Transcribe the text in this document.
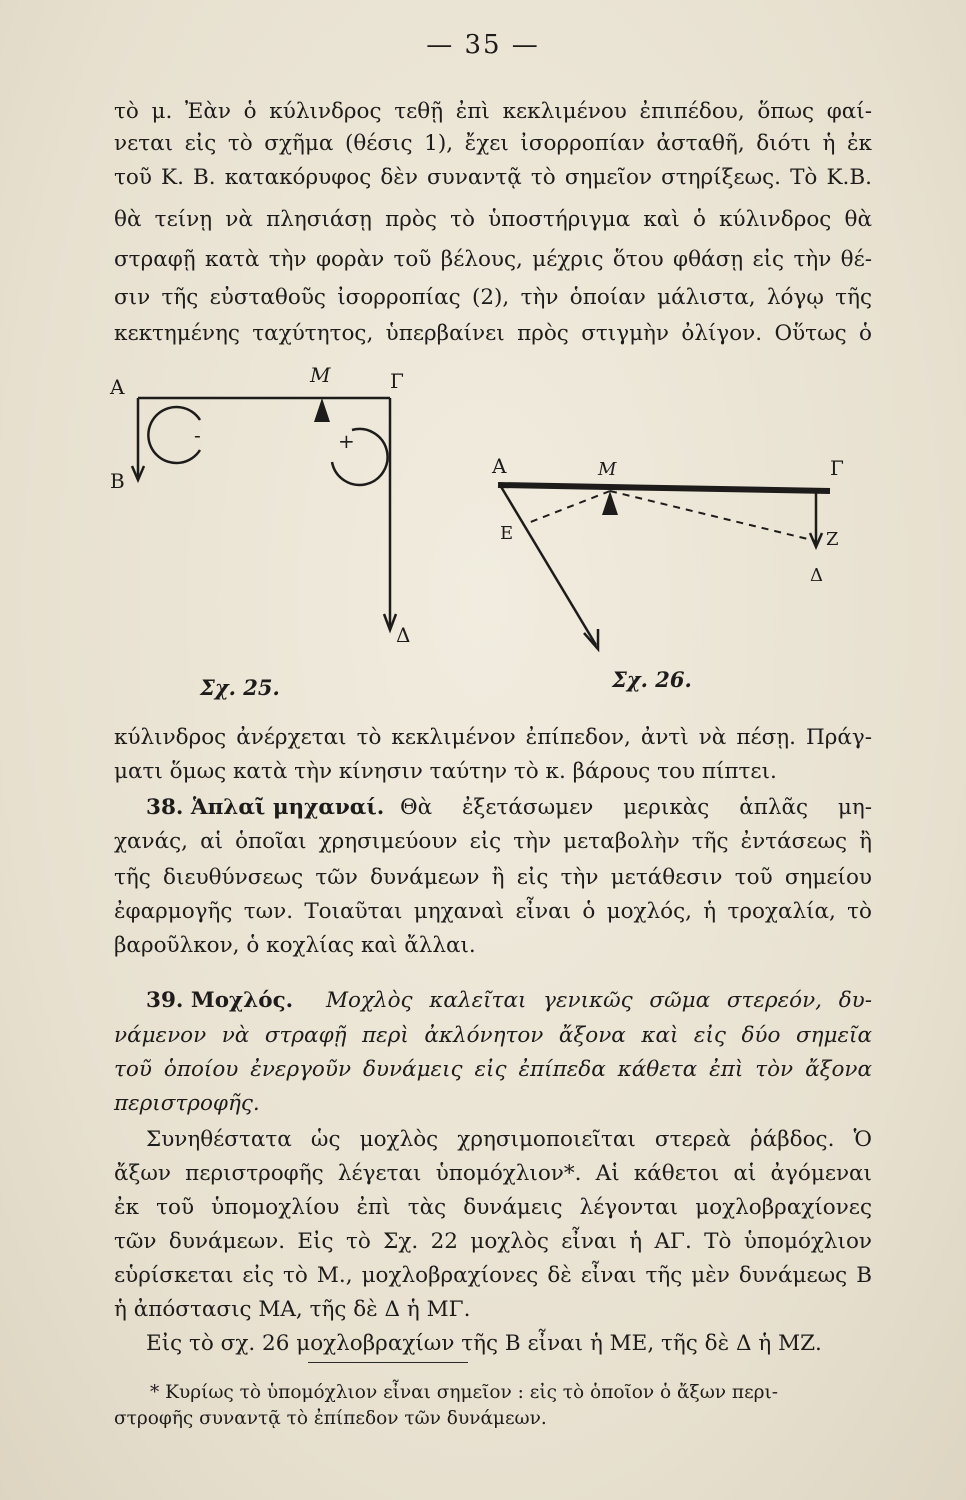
— 35 —
τὸ μ. Ἐὰν ὁ κύλινδρος τεθῇ ἐπὶ κεκλιμένου ἐπιπέδου, ὅπως φαί-
νεται εἰς τὸ σχῆμα (θέσις 1), ἔχει ἰσορροπίαν ἀσταθῆ, διότι ἡ ἐκ
τοῦ Κ. Β. κατακόρυφος δὲν συναντᾷ τὸ σημεῖον στηρίξεως. Τὸ Κ.Β.
θὰ τείνῃ νὰ πλησιάσῃ πρὸς τὸ ὑποστήριγμα καὶ ὁ κύλινδρος θὰ
στραφῇ κατὰ τὴν φορὰν τοῦ βέλους, μέχρις ὅτου φθάσῃ εἰς τὴν θέ-
σιν τῆς εὐσταθοῦς ἰσορροπίας (2), τὴν ὁποίαν μάλιστα, λόγῳ τῆς
κεκτημένης ταχύτητος, ὑπερβαίνει πρὸς στιγμὴν ὀλίγον. Οὕτως ὁ
Α	Μ	Γ
Β
Δ
-	+
Σχ. 25.
Α	Μ	Γ
Ε	Ζ
Δ
Σχ. 26.
κύλινδρος ἀνέρχεται τὸ κεκλιμένον ἐπίπεδον, ἀντὶ νὰ πέσῃ. Πράγ-
ματι ὅμως κατὰ τὴν κίνησιν ταύτην τὸ κ. βάρους του πίπτει.
38. Ἁπλαῖ μηχαναί. Θὰ ἐξετάσωμεν μερικὰς ἁπλᾶς μη-
χανάς, αἱ ὁποῖαι χρησιμεύουν εἰς τὴν μεταβολὴν τῆς ἐντάσεως ἢ
τῆς διευθύνσεως τῶν δυνάμεων ἢ εἰς τὴν μετάθεσιν τοῦ σημείου
ἐφαρμογῆς των. Τοιαῦται μηχαναὶ εἶναι ὁ μοχλός, ἡ τροχαλία, τὸ
βαροῦλκον, ὁ κοχλίας καὶ ἄλλαι.
39. Μοχλός. Μοχλὸς καλεῖται γενικῶς σῶμα στερεόν, δυ-
νάμενον νὰ στραφῇ περὶ ἀκλόνητον ἄξονα καὶ εἰς δύο σημεῖα
τοῦ ὁποίου ἐνεργοῦν δυνάμεις εἰς ἐπίπεδα κάθετα ἐπὶ τὸν ἄξονα
περιστροφῆς.
Συνηθέστατα ὡς μοχλὸς χρησιμοποιεῖται στερεὰ ῥάβδος. Ὁ
ἄξων περιστροφῆς λέγεται ὑπομόχλιον*. Αἱ κάθετοι αἱ ἀγόμεναι
ἐκ τοῦ ὑπομοχλίου ἐπὶ τὰς δυνάμεις λέγονται μοχλοβραχίονες
τῶν δυνάμεων. Εἰς τὸ Σχ. 22 μοχλὸς εἶναι ἡ ΑΓ. Τὸ ὑπομόχλιον
εὑρίσκεται εἰς τὸ Μ., μοχλοβραχίονες δὲ εἶναι τῆς μὲν δυνάμεως Β
ἡ ἀπόστασις ΜΑ, τῆς δὲ Δ ἡ ΜΓ.
Εἰς τὸ σχ. 26 μοχλοβραχίων τῆς Β εἶναι ἡ ΜΕ, τῆς δὲ Δ ἡ ΜΖ.
* Κυρίως τὸ ὑπομόχλιον εἶναι σημεῖον : εἰς τὸ ὁποῖον ὁ ἄξων περι-
στροφῆς συναντᾷ τὸ ἐπίπεδον τῶν δυνάμεων.
